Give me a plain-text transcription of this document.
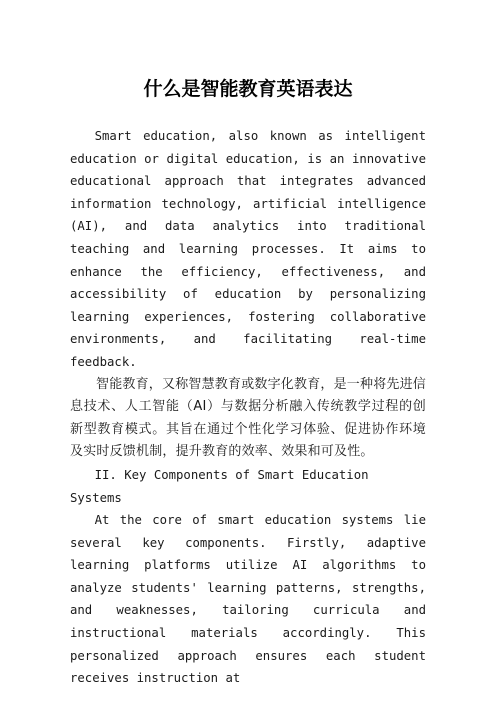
什么是智能教育英语表达

Smart education, also known as intelligent education or digital education, is an innovative educational approach that integrates advanced information technology, artificial intelligence (AI), and data analytics into traditional teaching and learning processes. It aims to enhance the efficiency, effectiveness, and accessibility of education by personalizing learning experiences, fostering collaborative environments, and facilitating real-time feedback.

智能教育，又称智慧教育或数字化教育，是一种将先进信息技术、人工智能（AI）与数据分析融入传统教学过程的创新型教育模式。其旨在通过个性化学习体验、促进协作环境及实时反馈机制，提升教育的效率、效果和可及性。

II. Key Components of Smart Education Systems

At the core of smart education systems lie several key components. Firstly, adaptive learning platforms utilize AI algorithms to analyze students' learning patterns, strengths, and weaknesses, tailoring curricula and instructional materials accordingly. This personalized approach ensures each student receives instruction at
